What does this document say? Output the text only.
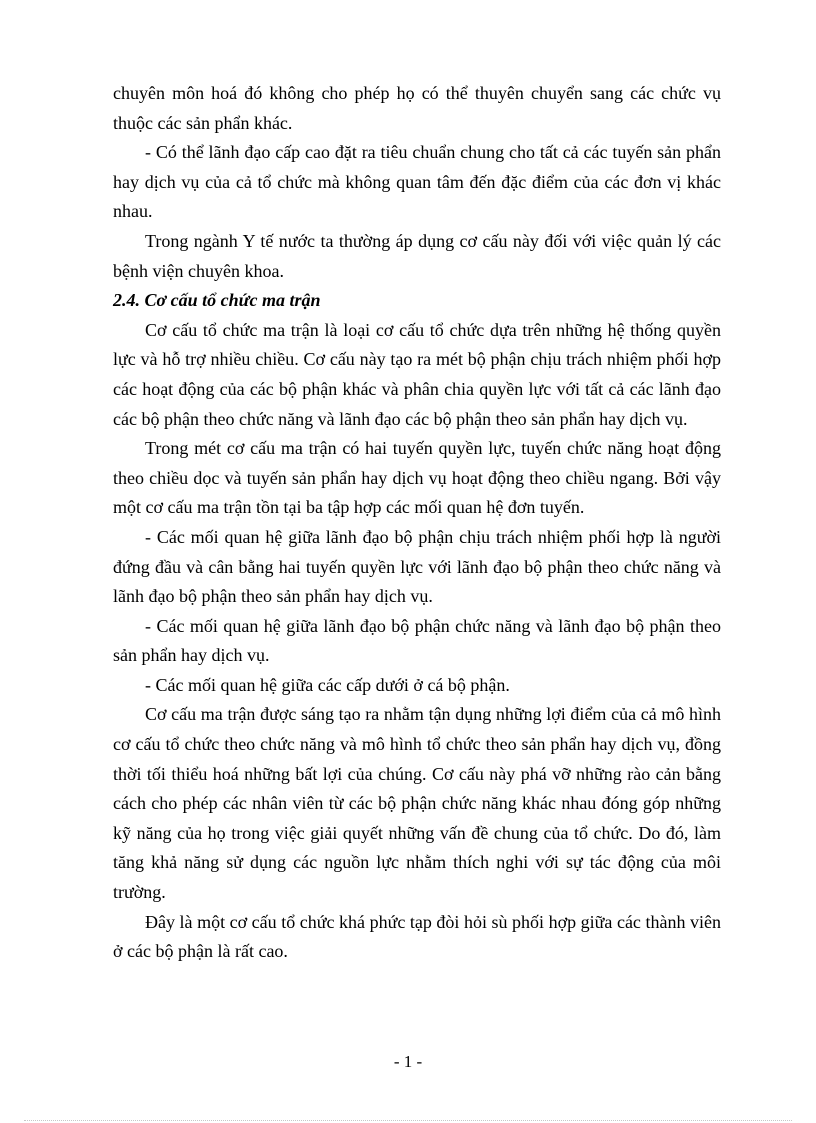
chuyên môn hoá đó không cho phép họ có thể thuyên chuyển sang các chức vụ thuộc các sản phẩn khác.

- Có thể lãnh đạo cấp cao đặt ra tiêu chuẩn chung cho tất cả các tuyến sản phẩn hay dịch vụ của cả tổ chức mà không quan tâm đến đặc điểm của các đơn vị khác nhau.

Trong ngành Y tế nước ta thường áp dụng cơ cấu này đối với việc quản lý các bệnh viện chuyên khoa.

2.4. Cơ cấu tổ chức ma trận

Cơ cấu tổ chức ma trận là loại cơ cấu tổ chức dựa trên những hệ thống quyền lực và hỗ trợ nhiều chiều. Cơ cấu này tạo ra mét bộ phận chịu trách nhiệm phối hợp các hoạt động của các bộ phận khác và phân chia quyền lực với tất cả các lãnh đạo các bộ phận theo chức năng và lãnh đạo các bộ phận theo sản phẩn hay dịch vụ.

Trong mét cơ cấu ma trận có hai tuyến quyền lực, tuyến chức năng hoạt động theo chiều dọc và tuyến sản phẩn hay dịch vụ hoạt động theo chiều ngang. Bởi vậy một cơ cấu ma trận tồn tại ba tập hợp các mối quan hệ đơn tuyến.

- Các mối quan hệ giữa lãnh đạo bộ phận chịu trách nhiệm phối hợp là người đứng đầu và cân bằng hai tuyến quyền lực với lãnh đạo bộ phận theo chức năng và lãnh đạo bộ phận theo sản phẩn hay dịch vụ.

- Các mối quan hệ giữa lãnh đạo bộ phận chức năng và lãnh đạo bộ phận theo sản phẩn hay dịch vụ.

- Các mối quan hệ giữa các cấp dưới ở cá bộ phận.

Cơ cấu ma trận được sáng tạo ra nhằm tận dụng những lợi điểm của cả mô hình cơ cấu tổ chức theo chức năng và mô hình tổ chức theo sản phẩn hay dịch vụ, đồng thời tối thiểu hoá những bất lợi của chúng. Cơ cấu này phá vỡ những rào cản bằng cách cho phép các nhân viên từ các bộ phận chức năng khác nhau đóng góp những kỹ năng của họ trong việc giải quyết những vấn đề chung của tổ chức. Do đó, làm tăng khả năng sử dụng các nguồn lực nhằm thích nghi với sự tác động của môi trường.

Đây là một cơ cấu tổ chức khá phức tạp đòi hỏi sù phối hợp giữa các thành viên ở các bộ phận là rất cao.

- 1 -
